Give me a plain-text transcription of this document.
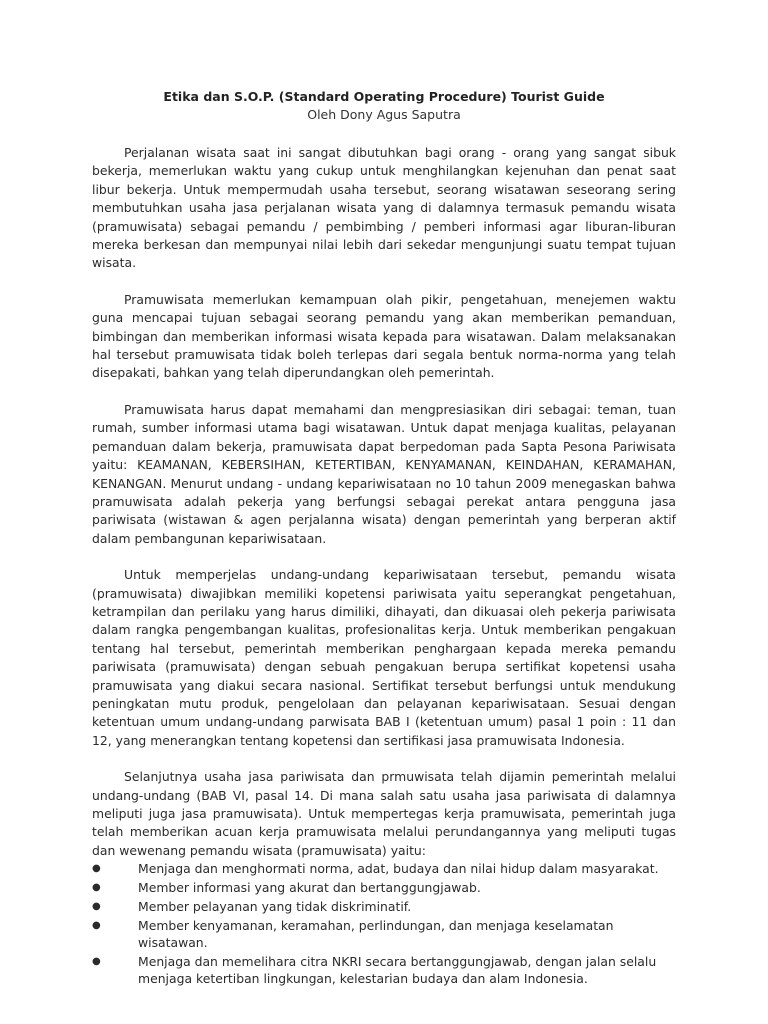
Etika dan S.O.P. (Standard Operating Procedure) Tourist Guide

Oleh Dony Agus Saputra

Perjalanan wisata saat ini sangat dibutuhkan bagi orang - orang yang sangat sibuk bekerja, memerlukan waktu yang cukup untuk menghilangkan kejenuhan dan penat saat libur bekerja. Untuk mempermudah usaha tersebut, seorang wisatawan seseorang sering membutuhkan usaha jasa perjalanan wisata yang di dalamnya termasuk pemandu wisata (pramuwisata) sebagai pemandu / pembimbing / pemberi informasi agar liburan-liburan mereka berkesan dan mempunyai nilai lebih dari sekedar mengunjungi suatu tempat tujuan wisata.

Pramuwisata memerlukan kemampuan olah pikir, pengetahuan, menejemen waktu guna mencapai tujuan sebagai seorang pemandu yang akan memberikan pemanduan, bimbingan dan memberikan informasi wisata kepada para wisatawan. Dalam melaksanakan hal tersebut pramuwisata tidak boleh terlepas dari segala bentuk norma-norma yang telah disepakati, bahkan yang telah diperundangkan oleh pemerintah.

Pramuwisata harus dapat memahami dan mengpresiasikan diri sebagai: teman, tuan rumah, sumber informasi utama bagi wisatawan. Untuk dapat menjaga kualitas, pelayanan pemanduan dalam bekerja, pramuwisata dapat berpedoman pada Sapta Pesona Pariwisata yaitu: KEAMANAN, KEBERSIHAN, KETERTIBAN, KENYAMANAN, KEINDAHAN, KERAMAHAN, KENANGAN. Menurut undang - undang kepariwisataan no 10 tahun 2009 menegaskan bahwa pramuwisata adalah pekerja yang berfungsi sebagai perekat antara pengguna jasa pariwisata (wistawan & agen perjalanna wisata) dengan pemerintah yang berperan aktif dalam pembangunan kepariwisataan.

Untuk memperjelas undang-undang kepariwisataan tersebut, pemandu wisata (pramuwisata) diwajibkan memiliki kopetensi pariwisata yaitu seperangkat pengetahuan, ketrampilan dan perilaku yang harus dimiliki, dihayati, dan dikuasai oleh pekerja pariwisata dalam rangka pengembangan kualitas, profesionalitas kerja. Untuk memberikan pengakuan tentang hal tersebut, pemerintah memberikan penghargaan kepada mereka pemandu pariwisata (pramuwisata) dengan sebuah pengakuan berupa sertifikat kopetensi usaha pramuwisata yang diakui secara nasional. Sertifikat tersebut berfungsi untuk mendukung peningkatan mutu produk, pengelolaan dan pelayanan kepariwisataan. Sesuai dengan ketentuan umum undang-undang parwisata BAB I (ketentuan umum) pasal 1 poin : 11 dan 12, yang menerangkan tentang kopetensi dan sertifikasi jasa pramuwisata Indonesia.

Selanjutnya usaha jasa pariwisata dan prmuwisata telah dijamin pemerintah melalui undang-undang (BAB VI, pasal 14. Di mana salah satu usaha jasa pariwisata di dalamnya meliputi juga jasa pramuwisata). Untuk mempertegas kerja pramuwisata, pemerintah juga telah memberikan acuan kerja pramuwisata melalui perundangannya yang meliputi tugas dan wewenang pemandu wisata (pramuwisata) yaitu:

●	Menjaga dan menghormati norma, adat, budaya dan nilai hidup dalam masyarakat.
●	Member informasi yang akurat dan bertanggungjawab.
●	Member pelayanan yang tidak diskriminatif.
●	Member kenyamanan, keramahan, perlindungan, dan menjaga keselamatan wisatawan.
●	Menjaga dan memelihara citra NKRI secara bertanggungjawab, dengan jalan selalu menjaga ketertiban lingkungan, kelestarian budaya dan alam Indonesia.
